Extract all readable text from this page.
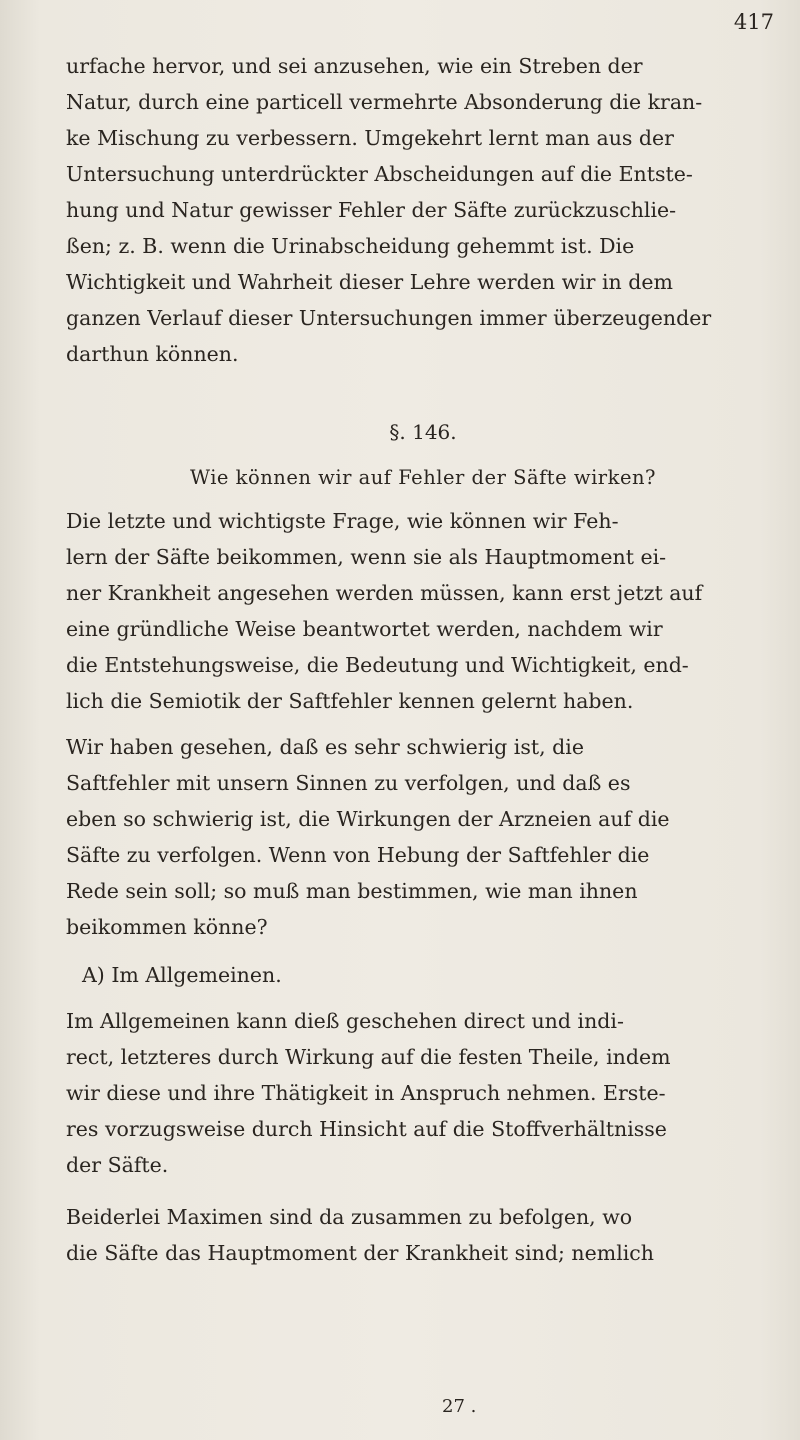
417

urfache hervor, und sei anzusehen, wie ein Streben der
Natur, durch eine particell vermehrte Absonderung die kran-
ke Mischung zu verbessern. Umgekehrt lernt man aus der
Untersuchung unterdrückter Abscheidungen auf die Entste-
hung und Natur gewisser Fehler der Säfte zurückzuschlie-
ßen; z. B. wenn die Urinabscheidung gehemmt ist. Die
Wichtigkeit und Wahrheit dieser Lehre werden wir in dem
ganzen Verlauf dieser Untersuchungen immer überzeugender
darthun können.

§. 146.
Wie können wir auf Fehler der Säfte wirken?

Die letzte und wichtigste Frage, wie können wir Feh-
lern der Säfte beikommen, wenn sie als Hauptmoment ei-
ner Krankheit angesehen werden müssen, kann erst jetzt auf
eine gründliche Weise beantwortet werden, nachdem wir
die Entstehungsweise, die Bedeutung und Wichtigkeit, end-
lich die Semiotik der Saftfehler kennen gelernt haben.

Wir haben gesehen, daß es sehr schwierig ist, die
Saftfehler mit unsern Sinnen zu verfolgen, und daß es
eben so schwierig ist, die Wirkungen der Arzneien auf die
Säfte zu verfolgen. Wenn von Hebung der Saftfehler die
Rede sein soll; so muß man bestimmen, wie man ihnen
beikommen könne?

A) Im Allgemeinen.

Im Allgemeinen kann dieß geschehen direct und indi-
rect, letzteres durch Wirkung auf die festen Theile, indem
wir diese und ihre Thätigkeit in Anspruch nehmen. Erste-
res vorzugsweise durch Hinsicht auf die Stoffverhältnisse
der Säfte.

Beiderlei Maximen sind da zusammen zu befolgen, wo
die Säfte das Hauptmoment der Krankheit sind; nemlich

27 .
